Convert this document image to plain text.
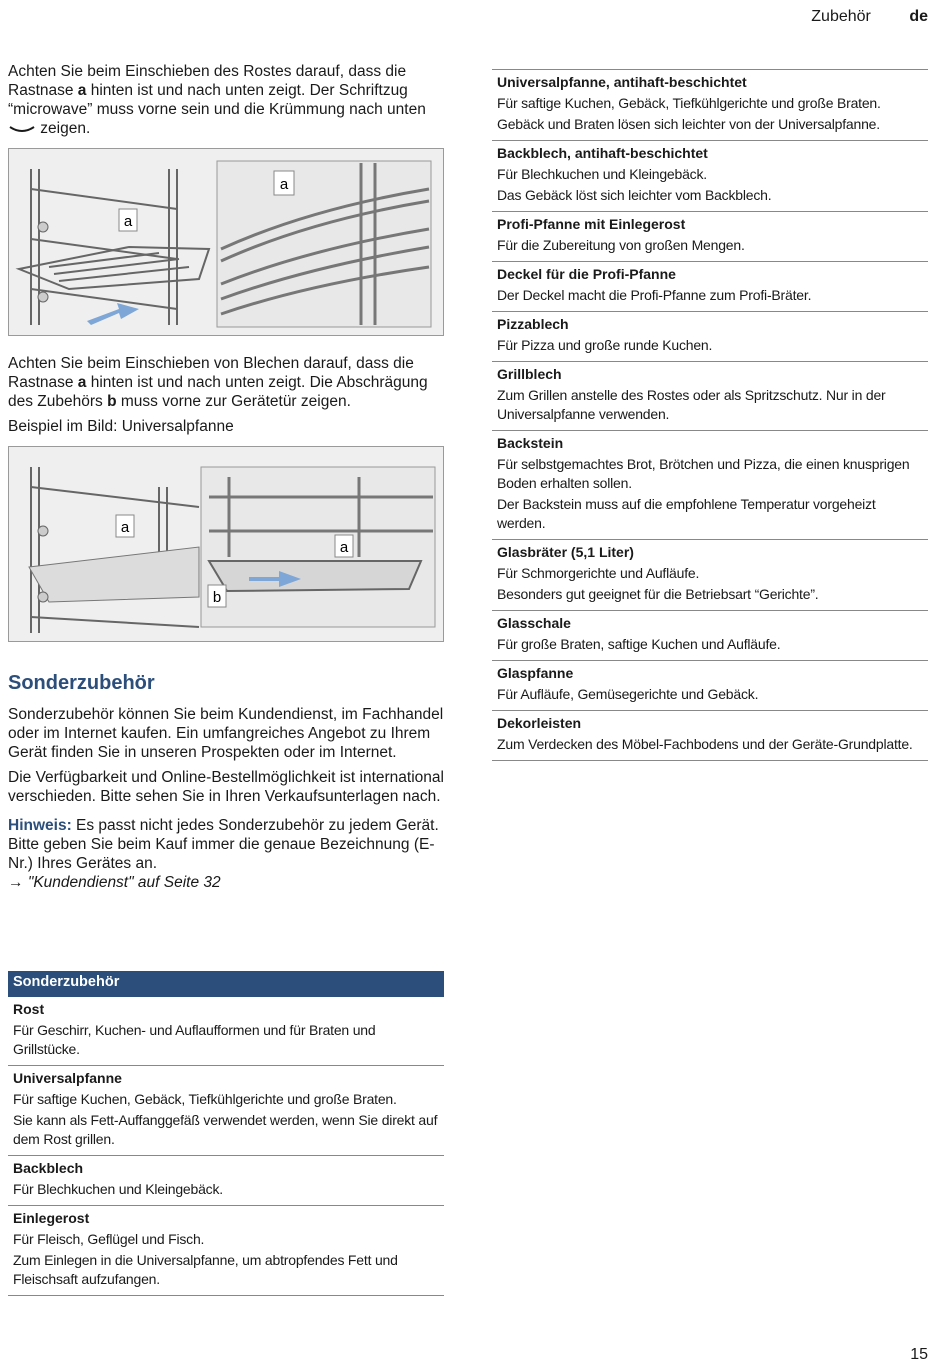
Zubehör de

Achten Sie beim Einschieben des Rostes darauf, dass die Rastnase a hinten ist und nach unten zeigt. Der Schriftzug “microwave” muss vorne sein und die Krümmung nach unten  zeigen.

a
a

Achten Sie beim Einschieben von Blechen darauf, dass die Rastnase a hinten ist und nach unten zeigt. Die Abschrägung des Zubehörs b muss vorne zur Gerätetür zeigen.

Beispiel im Bild: Universalpfanne

a
b
a
Sonderzubehör

Sonderzubehör können Sie beim Kundendienst, im Fachhandel oder im Internet kaufen. Ein umfangreiches Angebot zu Ihrem Gerät finden Sie in unseren Prospekten oder im Internet.

Die Verfügbarkeit und Online-Bestellmöglichkeit ist international verschieden. Bitte sehen Sie in Ihren Verkaufsunterlagen nach.

Hinweis: Es passt nicht jedes Sonderzubehör zu jedem Gerät. Bitte geben Sie beim Kauf immer die genaue Bezeichnung (E-Nr.) Ihres Gerätes an.
→ "Kundendienst" auf Seite 32

Sonderzubehör
Rost
Für Geschirr, Kuchen- und Auflaufformen und für Braten und Grillstücke.
Universalpfanne
Für saftige Kuchen, Gebäck, Tiefkühlgerichte und große Braten.
Sie kann als Fett-Auffanggefäß verwendet werden, wenn Sie direkt auf dem Rost grillen.
Backblech
Für Blechkuchen und Kleingebäck.
Einlegerost
Für Fleisch, Geflügel und Fisch.
Zum Einlegen in die Universalpfanne, um abtropfendes Fett und Fleischsaft aufzufangen.
Universalpfanne, antihaft-beschichtet
Für saftige Kuchen, Gebäck, Tiefkühlgerichte und große Braten.
Gebäck und Braten lösen sich leichter von der Universalpfanne.
Backblech, antihaft-beschichtet
Für Blechkuchen und Kleingebäck.
Das Gebäck löst sich leichter vom Backblech.
Profi-Pfanne mit Einlegerost
Für die Zubereitung von großen Mengen.
Deckel für die Profi-Pfanne
Der Deckel macht die Profi-Pfanne zum Profi-Bräter.
Pizzablech
Für Pizza und große runde Kuchen.
Grillblech
Zum Grillen anstelle des Rostes oder als Spritzschutz. Nur in der Universalpfanne verwenden.
Backstein
Für selbstgemachtes Brot, Brötchen und Pizza, die einen knusprigen Boden erhalten sollen.
Der Backstein muss auf die empfohlene Temperatur vorgeheizt werden.
Glasbräter (5,1 Liter)
Für Schmorgerichte und Aufläufe.
Besonders gut geeignet für die Betriebsart “Gerichte”.
Glasschale
Für große Braten, saftige Kuchen und Aufläufe.
Glaspfanne
Für Aufläufe, Gemüsegerichte und Gebäck.
Dekorleisten
Zum Verdecken des Möbel-Fachbodens und der Geräte-Grundplatte.
15
